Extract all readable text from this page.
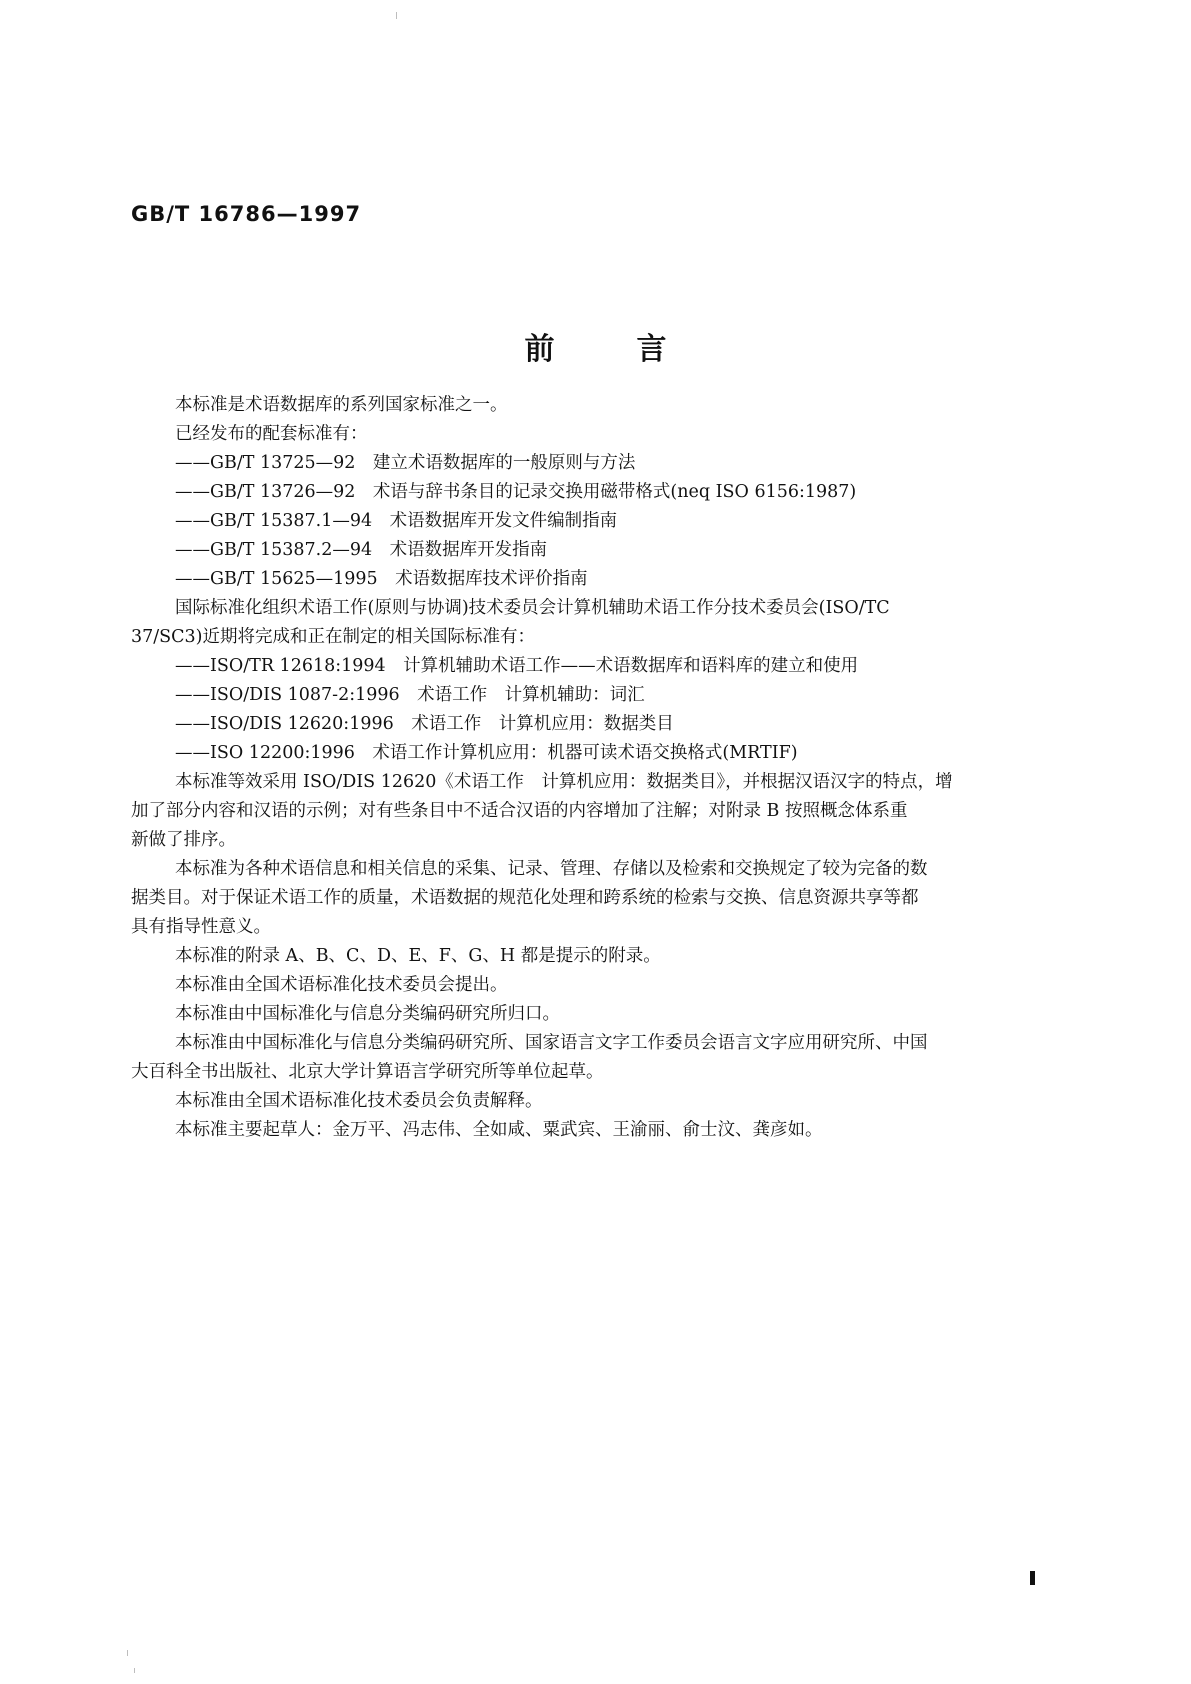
GB/T 16786—1997

前言

本标准是术语数据库的系列国家标准之一。

已经发布的配套标准有：

——GB/T 13725—92　建立术语数据库的一般原则与方法

——GB/T 13726—92　术语与辞书条目的记录交换用磁带格式(neq ISO 6156:1987)

——GB/T 15387.1—94　术语数据库开发文件编制指南

——GB/T 15387.2—94　术语数据库开发指南

——GB/T 15625—1995　术语数据库技术评价指南

国际标准化组织术语工作(原则与协调)技术委员会计算机辅助术语工作分技术委员会(ISO/TC

37/SC3)近期将完成和正在制定的相关国际标准有：

——ISO/TR 12618:1994　计算机辅助术语工作——术语数据库和语料库的建立和使用

——ISO/DIS 1087-2:1996　术语工作　计算机辅助：词汇

——ISO/DIS 12620:1996　术语工作　计算机应用：数据类目

——ISO 12200:1996　术语工作计算机应用：机器可读术语交换格式(MRTIF)

本标准等效采用 ISO/DIS 12620《术语工作　计算机应用：数据类目》，并根据汉语汉字的特点，增

加了部分内容和汉语的示例；对有些条目中不适合汉语的内容增加了注解；对附录 B 按照概念体系重

新做了排序。

本标准为各种术语信息和相关信息的采集、记录、管理、存储以及检索和交换规定了较为完备的数

据类目。对于保证术语工作的质量，术语数据的规范化处理和跨系统的检索与交换、信息资源共享等都

具有指导性意义。

本标准的附录 A、B、C、D、E、F、G、H 都是提示的附录。

本标准由全国术语标准化技术委员会提出。

本标准由中国标准化与信息分类编码研究所归口。

本标准由中国标准化与信息分类编码研究所、国家语言文字工作委员会语言文字应用研究所、中国

大百科全书出版社、北京大学计算语言学研究所等单位起草。

本标准由全国术语标准化技术委员会负责解释。

本标准主要起草人：金万平、冯志伟、全如咸、粟武宾、王渝丽、俞士汶、龚彦如。
